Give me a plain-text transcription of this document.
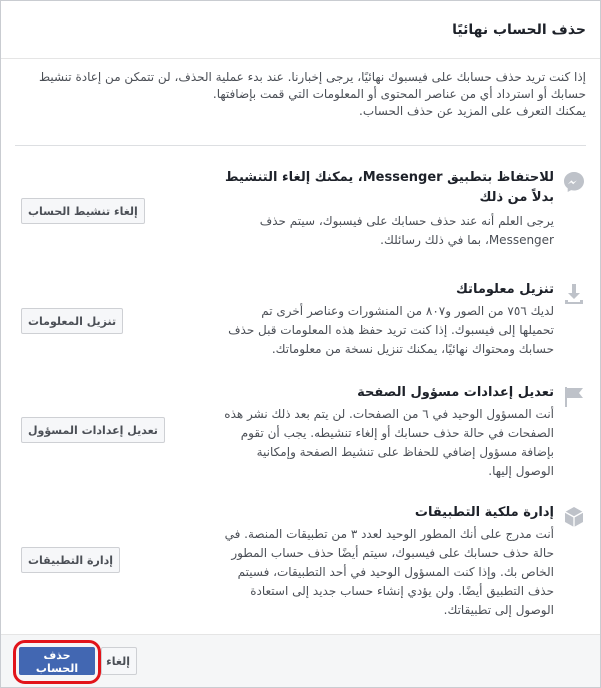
حذف الحساب نهائيًا
إذا كنت تريد حذف حسابك على فيسبوك نهائيًا، يرجى إخبارنا. عند بدء عملية الحذف، لن تتمكن من إعادة تنشيط حسابك أو استرداد أي من عناصر المحتوى أو المعلومات التي قمت بإضافتها.
يمكنك التعرف على المزيد عن حذف الحساب.
للاحتفاظ بتطبيق Messenger، يمكنك إلغاء التنشيط بدلاً من ذلك
يرجى العلم أنه عند حذف حسابك على فيسبوك، سيتم حذف Messenger، بما في ذلك رسائلك.
إلغاء تنشيط الحساب
تنزيل معلوماتك
لديك ٧٥٦ من الصور و٨٠٧ من المنشورات وعناصر أخرى تم تحميلها إلى فيسبوك. إذا كنت تريد حفظ هذه المعلومات قبل حذف حسابك ومحتواك نهائيًا، يمكنك تنزيل نسخة من معلوماتك.
تنزيل المعلومات
تعديل إعدادات مسؤول الصفحة
أنت المسؤول الوحيد في ٦ من الصفحات. لن يتم بعد ذلك نشر هذه الصفحات في حالة حذف حسابك أو إلغاء تنشيطه. يجب أن تقوم بإضافة مسؤول إضافي للحفاظ على تنشيط الصفحة وإمكانية الوصول إليها.
تعديل إعدادات المسؤول
إدارة ملكية التطبيقات
أنت مدرج على أنك المطور الوحيد لعدد ٣ من تطبيقات المنصة. في حالة حذف حسابك على فيسبوك، سيتم أيضًا حذف حساب المطور الخاص بك. وإذا كنت المسؤول الوحيد في أحد التطبيقات، فسيتم حذف التطبيق أيضًا. ولن يؤدي إنشاء حساب جديد إلى استعادة الوصول إلى تطبيقاتك.
إدارة التطبيقات
حذف الحساب
إلغاء
